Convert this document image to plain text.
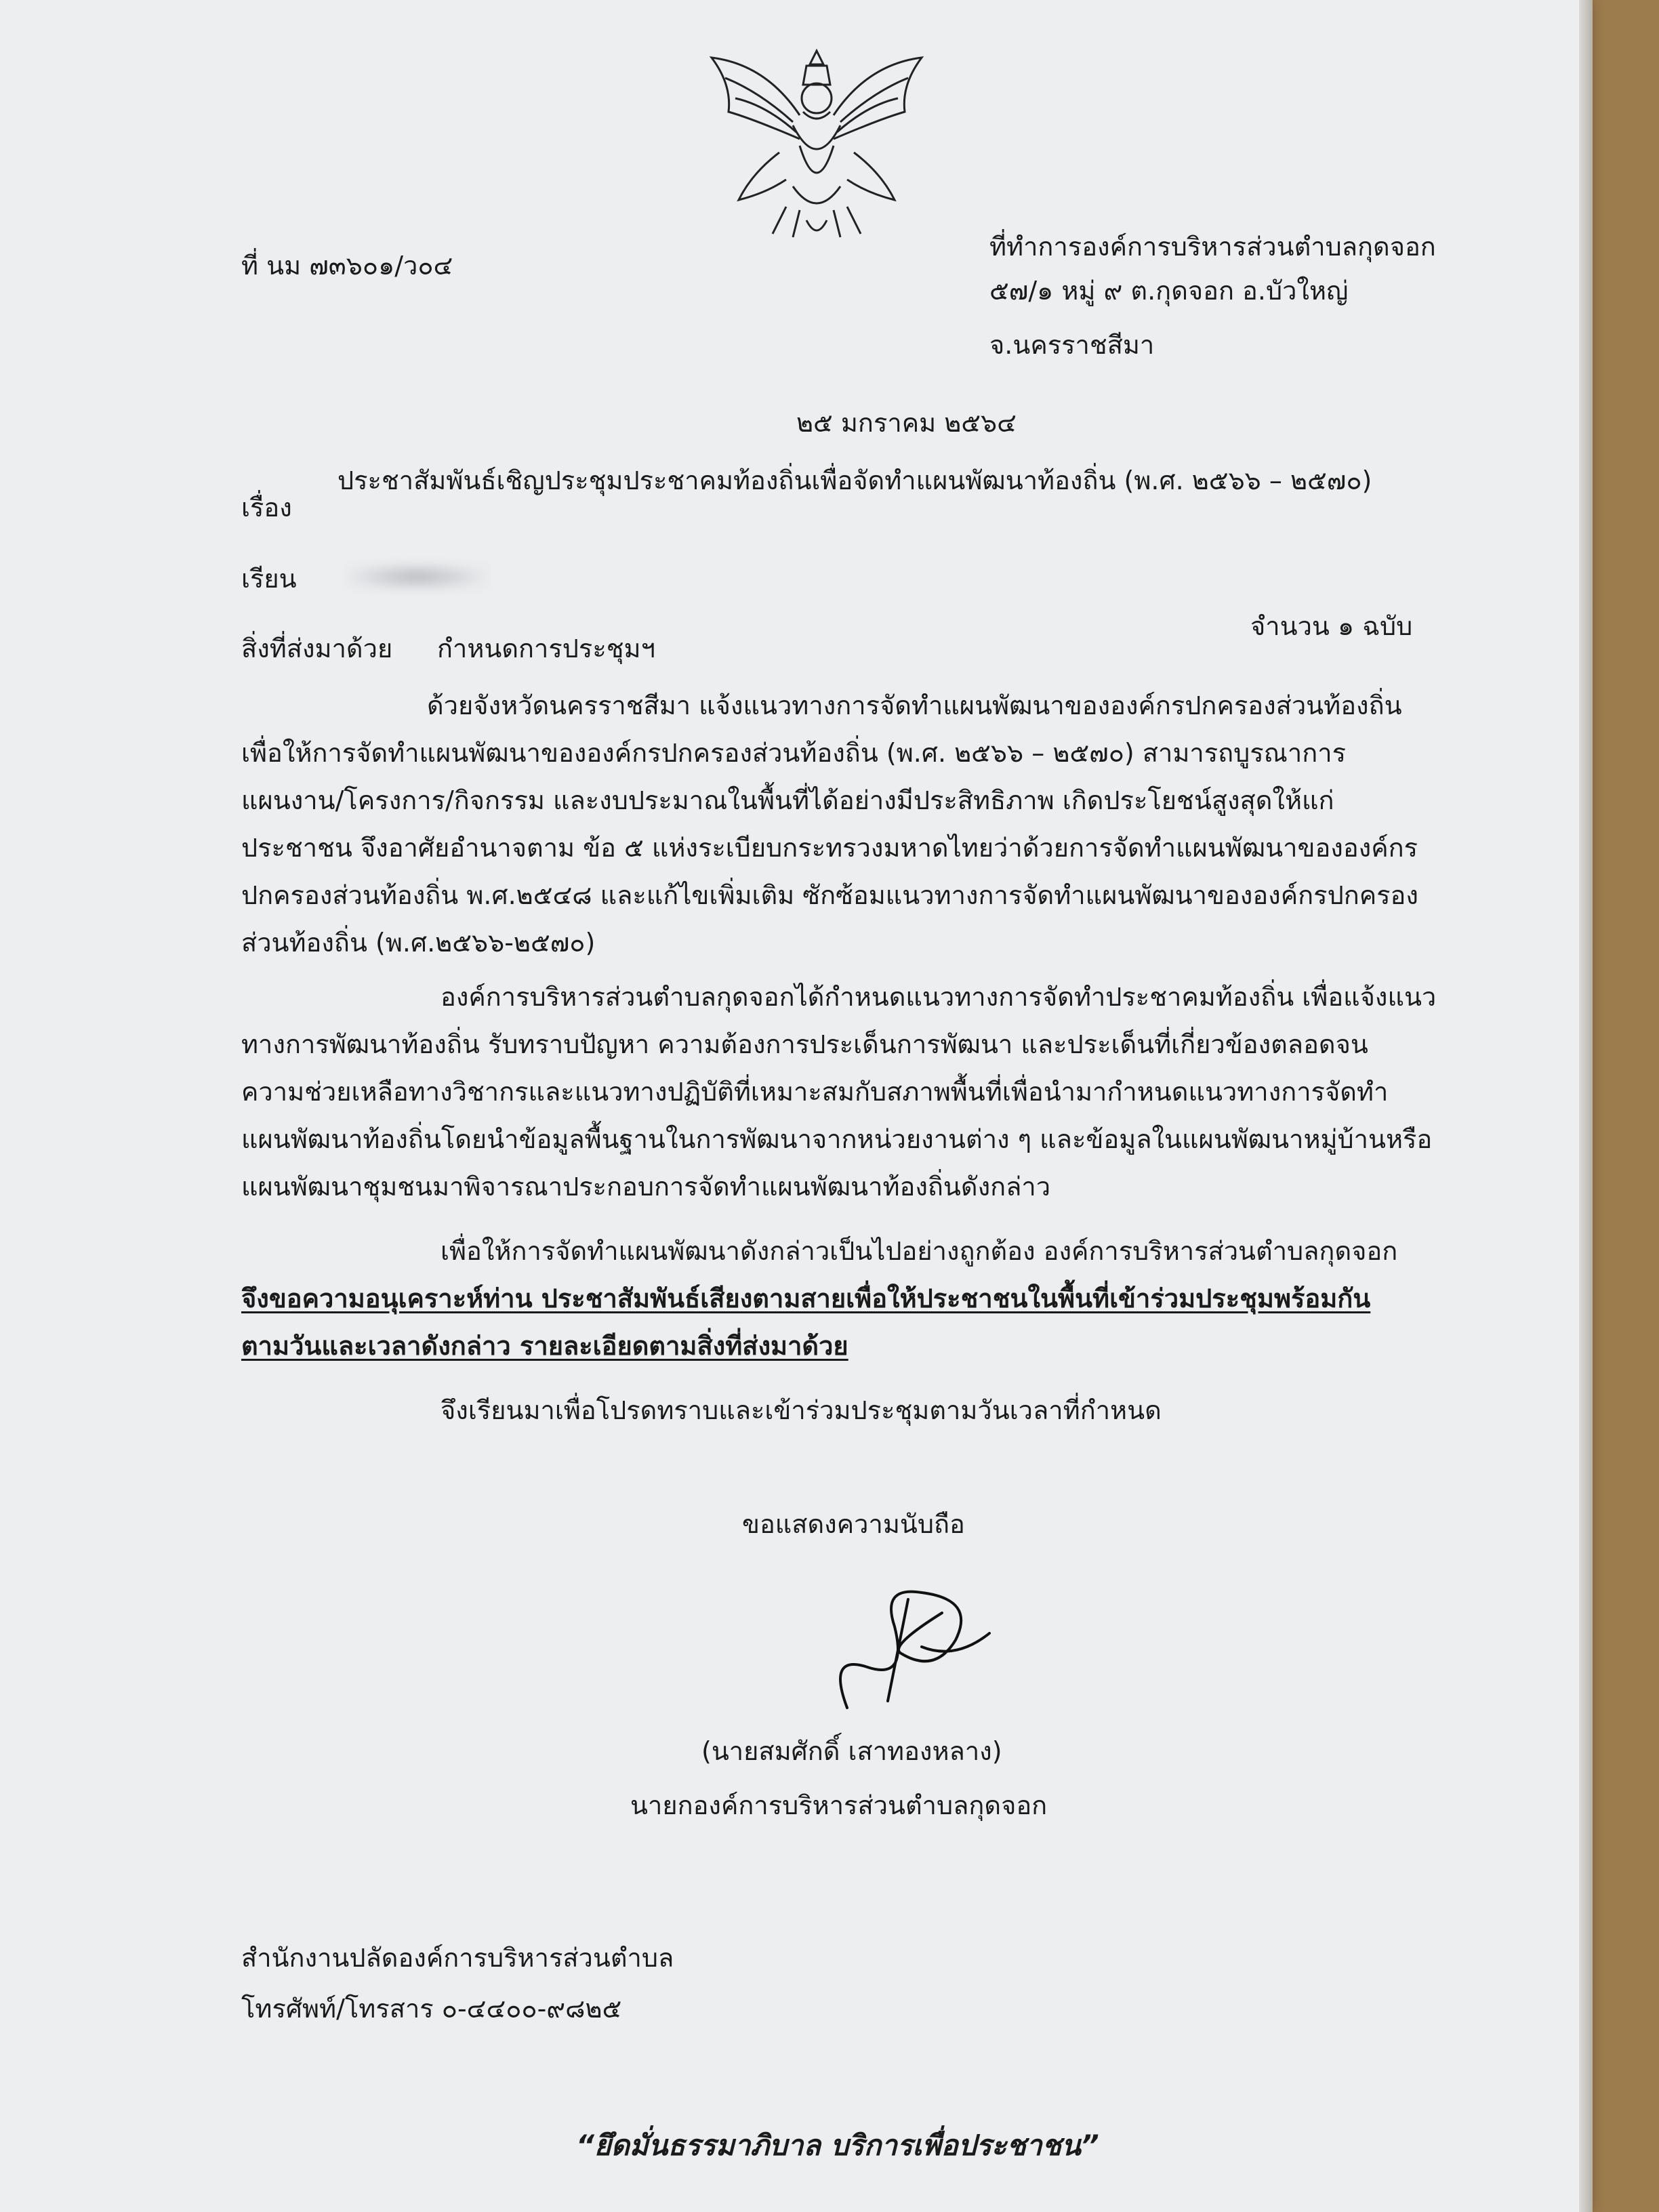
ที่ นม ๗๓๖๐๑/ว๐๔
ที่ทำการองค์การบริหารส่วนตำบลกุดจอก
๕๗/๑ หมู่ ๙ ต.กุดจอก อ.บัวใหญ่
จ.นครราชสีมา
๒๕ มกราคม ๒๕๖๔
เรื่อง
ประชาสัมพันธ์เชิญประชุมประชาคมท้องถิ่นเพื่อจัดทำแผนพัฒนาท้องถิ่น (พ.ศ. ๒๕๖๖ – ๒๕๗๐)
เรียน
สิ่งที่ส่งมาด้วย กำหนดการประชุมฯ
จำนวน ๑ ฉบับ
ด้วยจังหวัดนครราชสีมา แจ้งแนวทางการจัดทำแผนพัฒนาขององค์กรปกครองส่วนท้องถิ่น
เพื่อให้การจัดทำแผนพัฒนาขององค์กรปกครองส่วนท้องถิ่น (พ.ศ. ๒๕๖๖ – ๒๕๗๐) สามารถบูรณาการ
แผนงาน/โครงการ/กิจกรรม และงบประมาณในพื้นที่ได้อย่างมีประสิทธิภาพ เกิดประโยชน์สูงสุดให้แก่
ประชาชน จึงอาศัยอำนาจตาม ข้อ ๕ แห่งระเบียบกระทรวงมหาดไทยว่าด้วยการจัดทำแผนพัฒนาขององค์กร
ปกครองส่วนท้องถิ่น พ.ศ.๒๕๔๘ และแก้ไขเพิ่มเติม ซักซ้อมแนวทางการจัดทำแผนพัฒนาขององค์กรปกครอง
ส่วนท้องถิ่น (พ.ศ.๒๕๖๖-๒๕๗๐)
องค์การบริหารส่วนตำบลกุดจอกได้กำหนดแนวทางการจัดทำประชาคมท้องถิ่น เพื่อแจ้งแนว
ทางการพัฒนาท้องถิ่น รับทราบปัญหา ความต้องการประเด็นการพัฒนา และประเด็นที่เกี่ยวข้องตลอดจน
ความช่วยเหลือทางวิชากรและแนวทางปฏิบัติที่เหมาะสมกับสภาพพื้นที่เพื่อนำมากำหนดแนวทางการจัดทำ
แผนพัฒนาท้องถิ่นโดยนำข้อมูลพื้นฐานในการพัฒนาจากหน่วยงานต่าง ๆ และข้อมูลในแผนพัฒนาหมู่บ้านหรือ
แผนพัฒนาชุมชนมาพิจารณาประกอบการจัดทำแผนพัฒนาท้องถิ่นดังกล่าว
เพื่อให้การจัดทำแผนพัฒนาดังกล่าวเป็นไปอย่างถูกต้อง องค์การบริหารส่วนตำบลกุดจอก
จึงขอความอนุเคราะห์ท่าน ประชาสัมพันธ์เสียงตามสายเพื่อให้ประชาชนในพื้นที่เข้าร่วมประชุมพร้อมกัน
ตามวันและเวลาดังกล่าว รายละเอียดตามสิ่งที่ส่งมาด้วย
จึงเรียนมาเพื่อโปรดทราบและเข้าร่วมประชุมตามวันเวลาที่กำหนด
ขอแสดงความนับถือ
(นายสมศักดิ์ เสาทองหลาง)
นายกองค์การบริหารส่วนตำบลกุดจอก
สำนักงานปลัดองค์การบริหารส่วนตำบล
โทรศัพท์/โทรสาร ๐-๔๔๐๐-๙๘๒๕
“ยึดมั่นธรรมาภิบาล บริการเพื่อประชาชน”
